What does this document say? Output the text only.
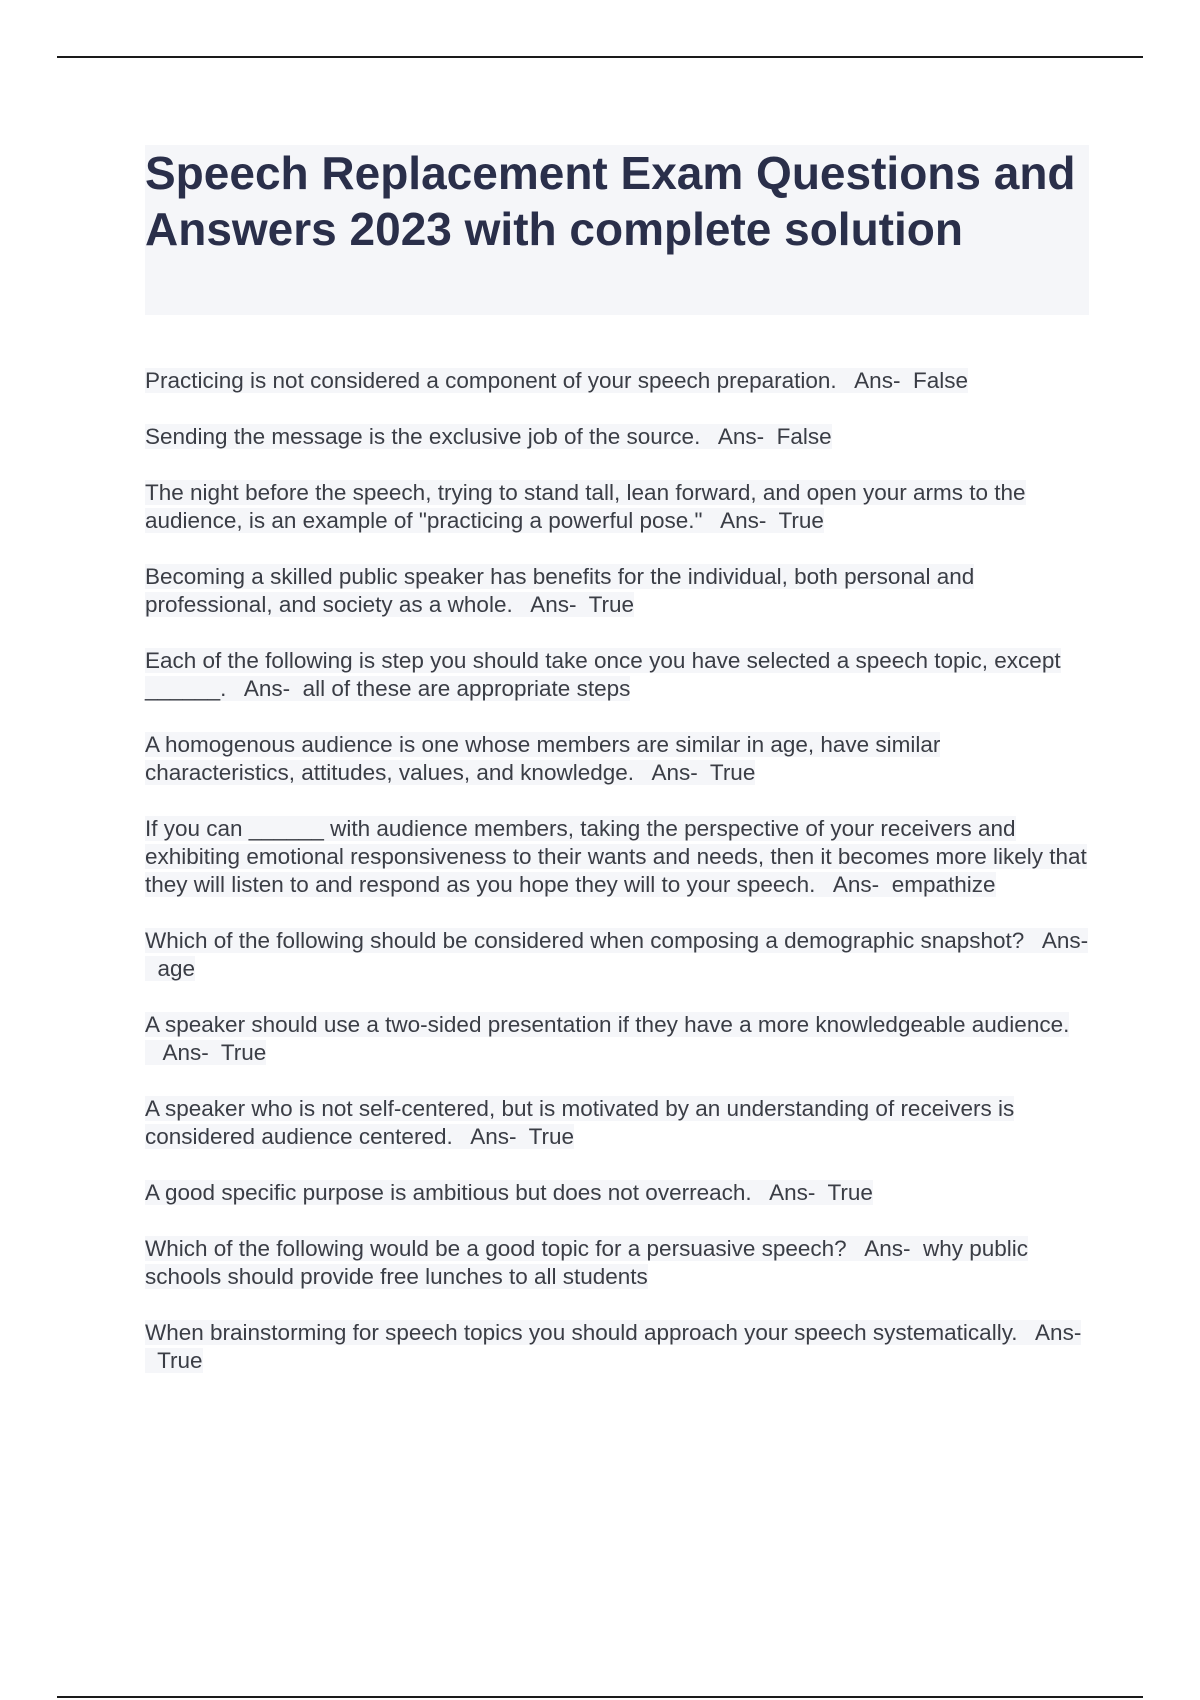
Speech Replacement Exam Questions and Answers 2023 with complete solution

Practicing is not considered a component of your speech preparation. Ans- False

Sending the message is the exclusive job of the source. Ans- False

The night before the speech, trying to stand tall, lean forward, and open your arms to the audience, is an example of "practicing a powerful pose." Ans- True

Becoming a skilled public speaker has benefits for the individual, both personal and professional, and society as a whole. Ans- True

Each of the following is step you should take once you have selected a speech topic, except ______. Ans- all of these are appropriate steps

A homogenous audience is one whose members are similar in age, have similar characteristics, attitudes, values, and knowledge. Ans- True

If you can ______ with audience members, taking the perspective of your receivers and exhibiting emotional responsiveness to their wants and needs, then it becomes more likely that they will listen to and respond as you hope they will to your speech. Ans- empathize

Which of the following should be considered when composing a demographic snapshot? Ans-  age

A speaker should use a two-sided presentation if they have a more knowledgeable audience.   Ans- True

A speaker who is not self-centered, but is motivated by an understanding of receivers is considered audience centered. Ans- True

A good specific purpose is ambitious but does not overreach. Ans- True

Which of the following would be a good topic for a persuasive speech? Ans- why public schools should provide free lunches to all students

When brainstorming for speech topics you should approach your speech systematically. Ans-  True
